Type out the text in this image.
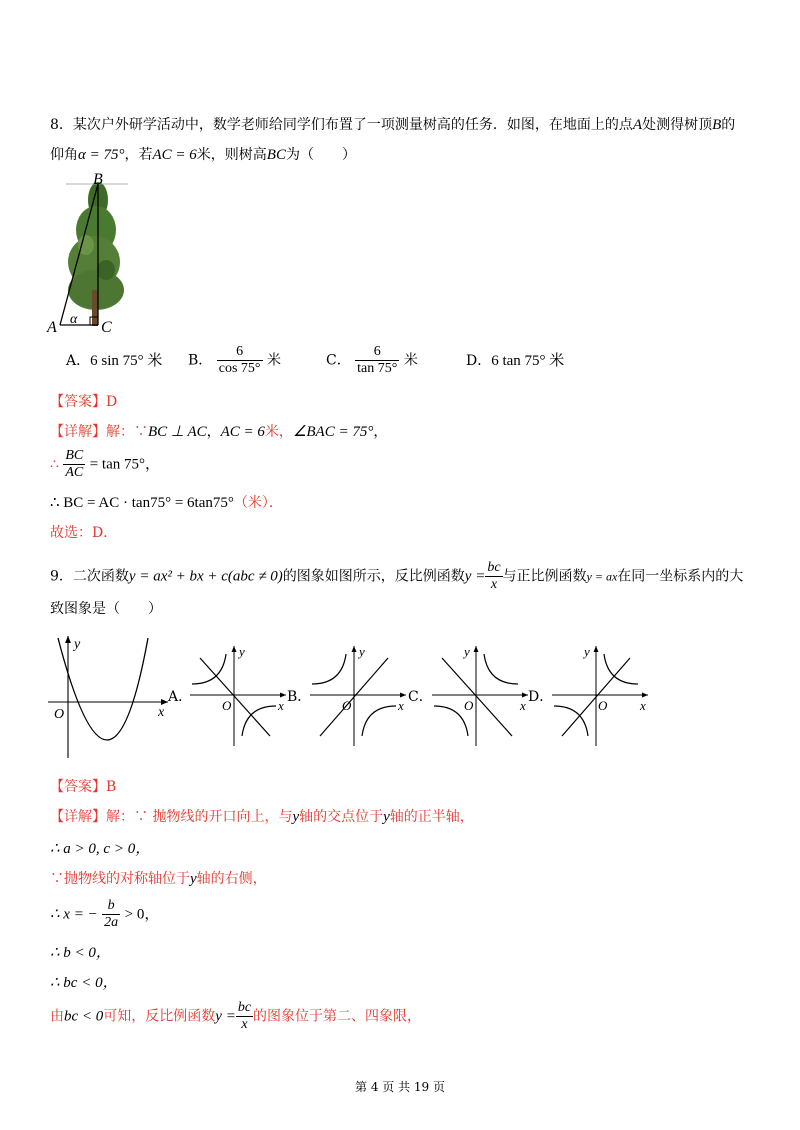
8．某次户外研学活动中，数学老师给同学们布置了一项测量树高的任务．如图，在地面上的点A处测得树顶B的
仰角α = 75°，若AC = 6米，则树高BC为（　　）
B
A	C
α
A．6 sin 75° 米 B． $\frac{6}{\cos 75^\circ}$ 米	C． $\frac{6}{\tan 75^\circ}$ 米	D．6 tan 75° 米
【答案】D
【详解】解：∵BC ⊥ AC，AC = 6米，∠BAC = 75°，
∴ $\frac{BC}{AC} = \tan 75^\circ$，
∴ BC = AC · tan75° = 6tan75°（米）．
故选：D．
9．二次函数y = ax² + bx + c(abc ≠ 0)的图象如图所示，反比例函数$y = \frac{bc}{x}$ 与正比例函数y = ax在同一坐标系内的大
致图象是（　　）
y
x
O
A．
y
x
O
B．
y
x
O
C．
y
x
O
D．
y
x
O
【答案】B
【详解】解：∵ 抛物线的开口向上，与y轴的交点位于y轴的正半轴，
∴ a > 0, c > 0，
∵抛物线的对称轴位于y轴的右侧，
∴ x = − $\frac{b}{2a} > 0$，
∴ b < 0，
∴ bc < 0，
由bc < 0可知，反比例函数$y = \frac{bc}{x}$ 的图象位于第二、四象限，
第 4 页 共 19 页
